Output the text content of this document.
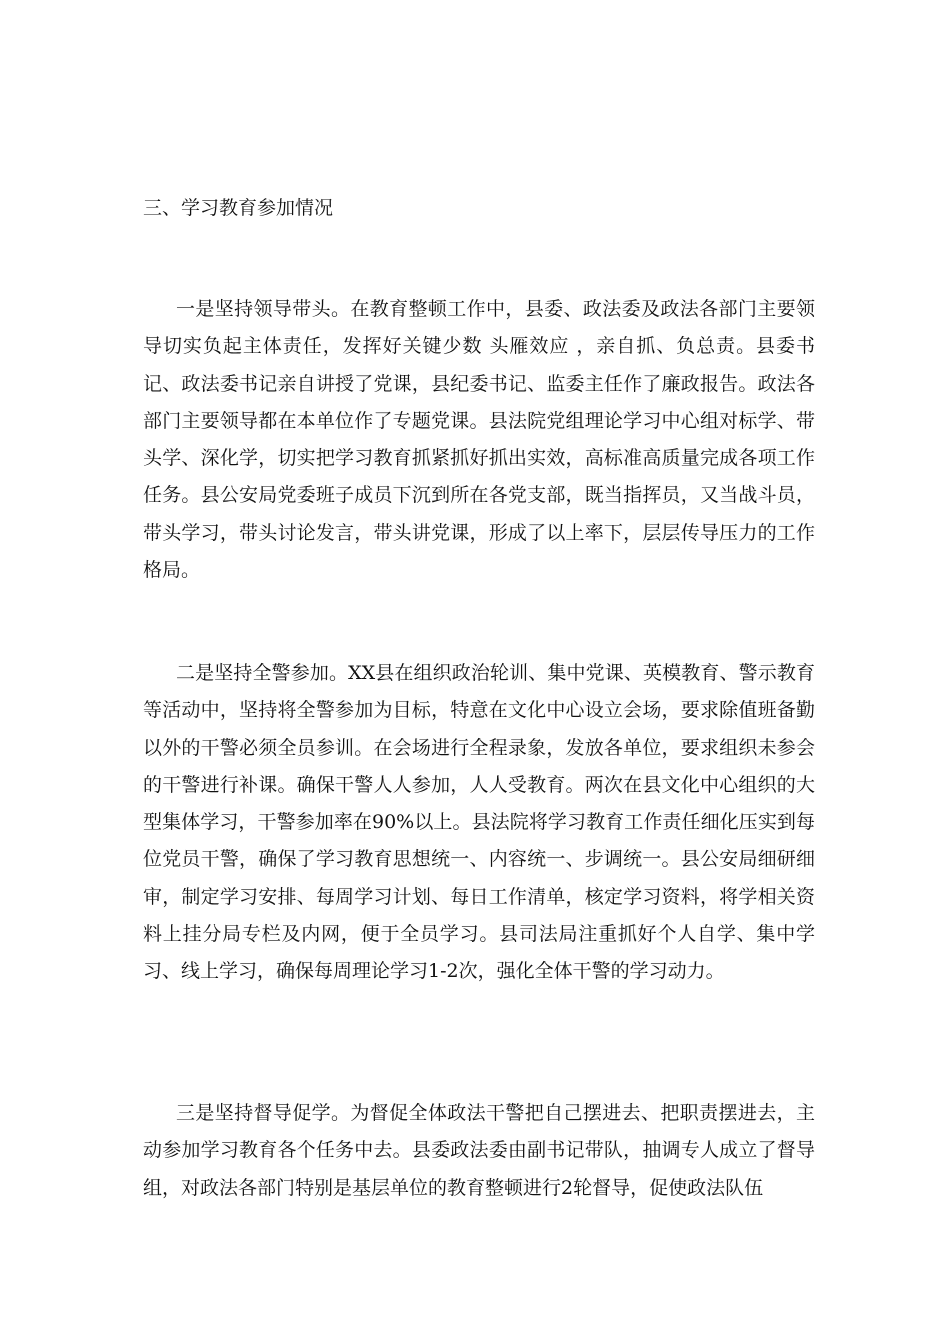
三、学习教育参加情况

一是坚持领导带头。在教育整顿工作中，县委、政法委及政法各部门主要领导切实负起主体责任，发挥好关键少数 头雁效应 ，亲自抓、负总责。县委书记、政法委书记亲自讲授了党课，县纪委书记、监委主任作了廉政报告。政法各部门主要领导都在本单位作了专题党课。县法院党组理论学习中心组对标学、带头学、深化学，切实把学习教育抓紧抓好抓出实效，高标准高质量完成各项工作任务。县公安局党委班子成员下沉到所在各党支部，既当指挥员，又当战斗员，带头学习，带头讨论发言，带头讲党课，形成了以上率下，层层传导压力的工作格局。

二是坚持全警参加。XX县在组织政治轮训、集中党课、英模教育、警示教育等活动中，坚持将全警参加为目标，特意在文化中心设立会场，要求除值班备勤以外的干警必须全员参训。在会场进行全程录象，发放各单位，要求组织未参会的干警进行补课。确保干警人人参加，人人受教育。两次在县文化中心组织的大型集体学习，干警参加率在90%以上。县法院将学习教育工作责任细化压实到每位党员干警，确保了学习教育思想统一、内容统一、步调统一。县公安局细研细审，制定学习安排、每周学习计划、每日工作清单，核定学习资料，将学相关资料上挂分局专栏及内网，便于全员学习。县司法局注重抓好个人自学、集中学习、线上学习，确保每周理论学习1-2次，强化全体干警的学习动力。

三是坚持督导促学。为督促全体政法干警把自己摆进去、把职责摆进去，主动参加学习教育各个任务中去。县委政法委由副书记带队，抽调专人成立了督导组，对政法各部门特别是基层单位的教育整顿进行2轮督导，促使政法队伍
